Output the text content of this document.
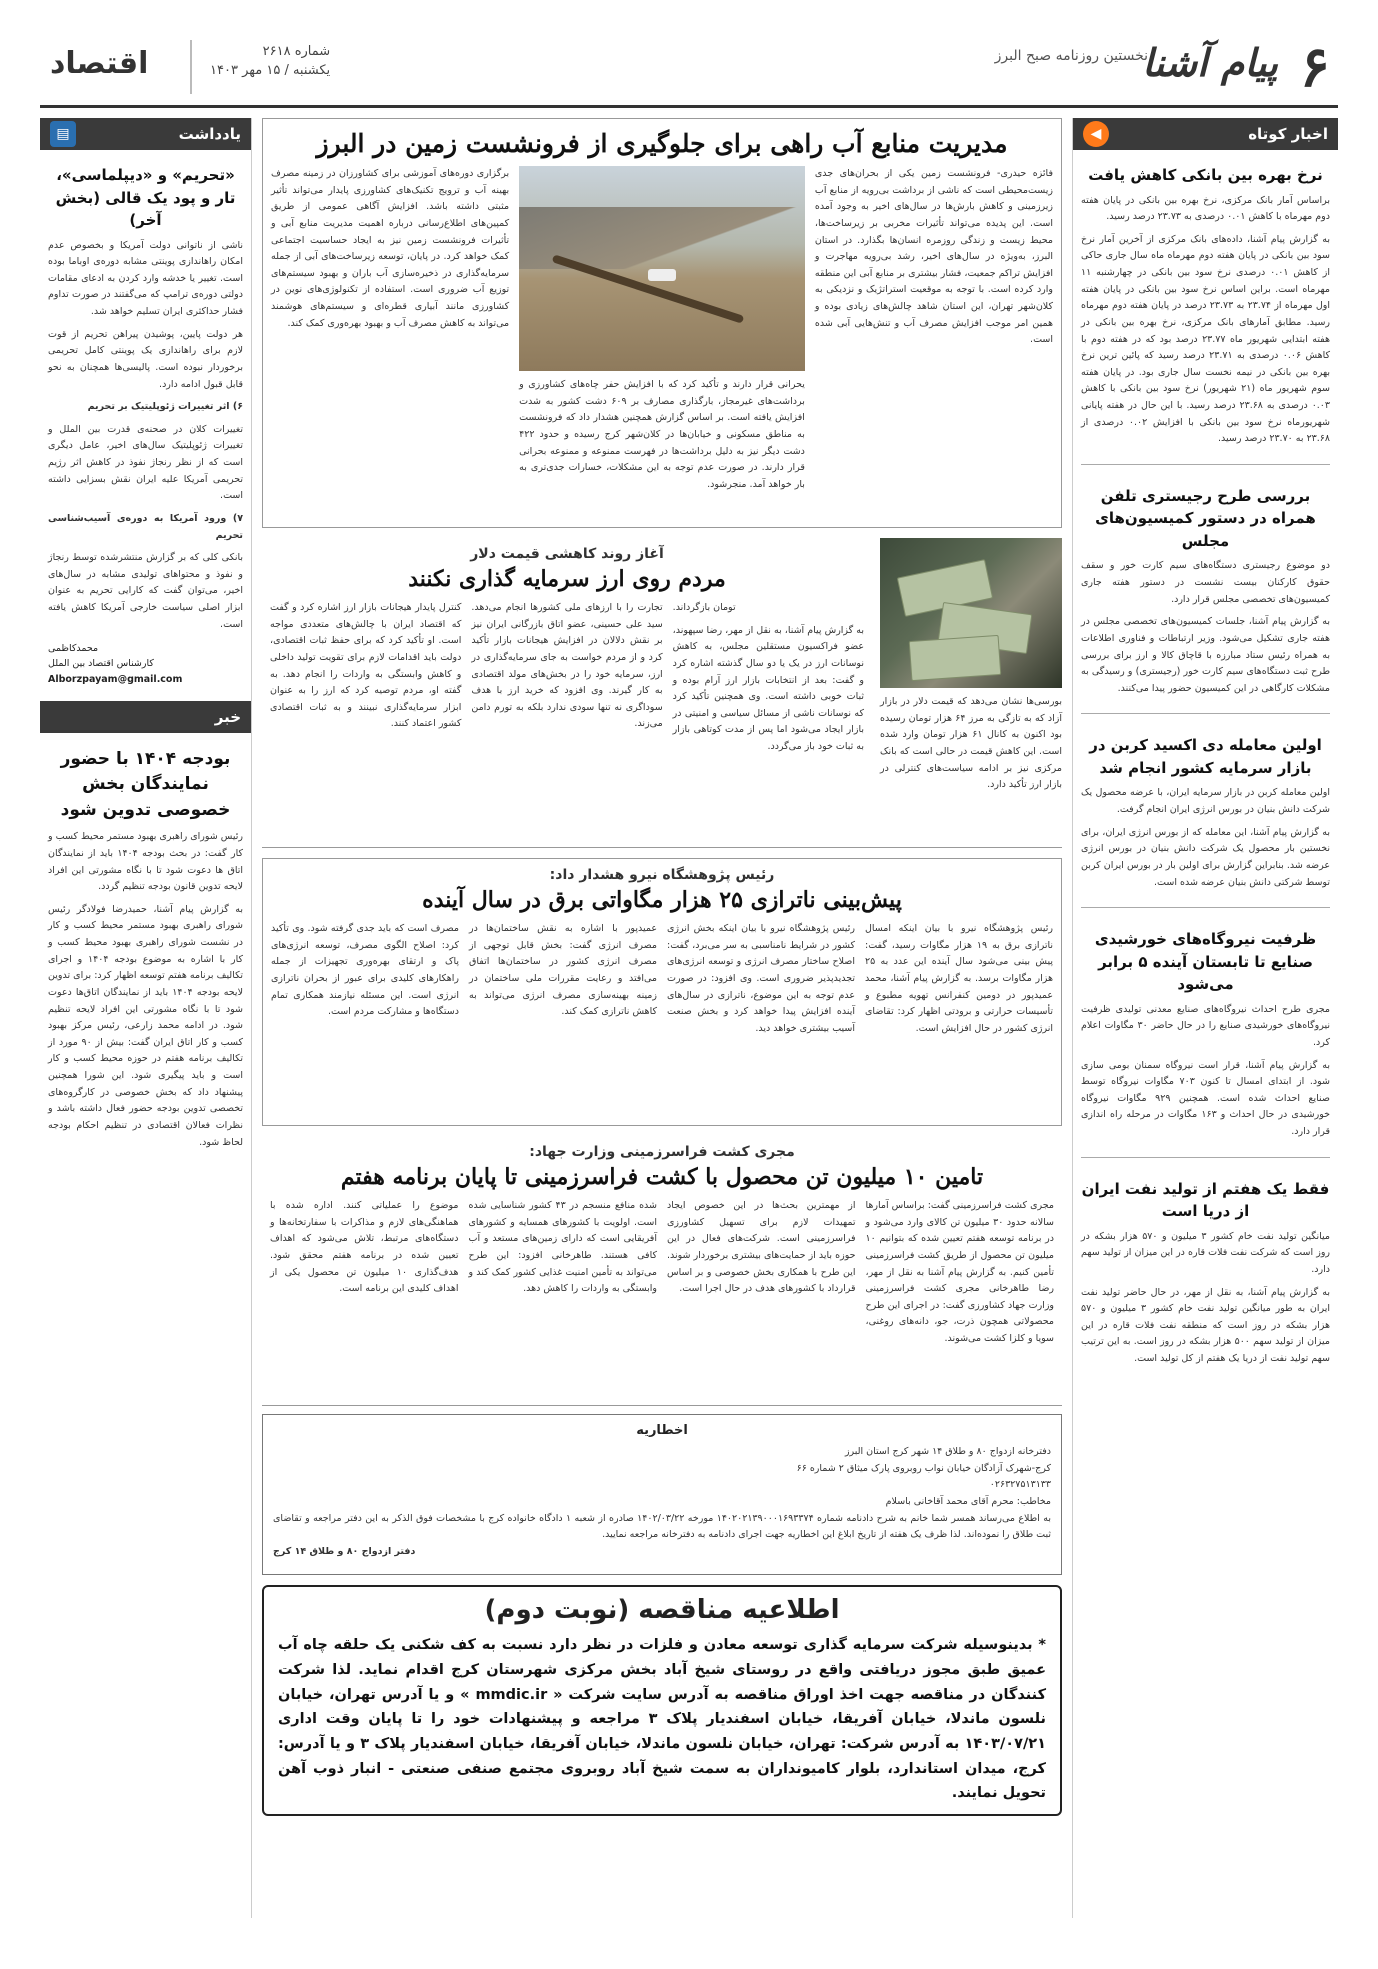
۶
پیام آشنا
نخستین روزنامه صبح البرز
شماره ۲۶۱۸
یکشنبه / ۱۵ مهر ۱۴۰۳
اقتصاد
اخبار کوتاه
◀
نرخ بهره بین بانکی کاهش یافت

براساس آمار بانک مرکزی، نرخ بهره بین بانکی در پایان هفته دوم مهرماه با کاهش ۰.۰۱ درصدی به ۲۳.۷۳ درصد رسید.

به گزارش پیام آشنا، داده‌های بانک مرکزی از آخرین آمار نرخ سود بین بانکی در پایان هفته دوم مهرماه ماه سال جاری حاکی از کاهش ۰.۰۱ درصدی نرخ سود بین بانکی در چهارشنبه ۱۱ مهرماه است. براین اساس نرخ سود بین بانکی در پایان هفته اول مهرماه از ۲۳.۷۴ به ۲۳.۷۳ درصد در پایان هفته دوم مهرماه رسید. مطابق آمارهای بانک مرکزی، نرخ بهره بین بانکی در هفته ابتدایی شهریور ماه ۲۳.۷۷ درصد بود که در هفته دوم با کاهش ۰.۰۶ درصدی به ۲۳.۷۱ درصد رسید که پائین ترین نرخ بهره بین بانکی در نیمه نخست سال جاری بود. در پایان هفته سوم شهریور ماه (۲۱ شهریور) نرخ سود بین بانکی با کاهش ۰.۰۳ درصدی به ۲۳.۶۸ درصد رسید. با این حال در هفته پایانی شهریورماه نرخ سود بین بانکی با افزایش ۰.۰۲ درصدی از ۲۳.۶۸ به ۲۳.۷۰ درصد رسید.

بررسی طرح رجیستری تلفن همراه در دستور کمیسیون‌های مجلس

دو موضوع رجیستری دستگاه‌های سیم کارت خور و سقف حقوق کارکنان بیست نشست در دستور هفته جاری کمیسیون‌های تخصصی مجلس قرار دارد.

به گزارش پیام آشنا، جلسات کمیسیون‌های تخصصی مجلس در هفته جاری تشکیل می‌شود. وزیر ارتباطات و فناوری اطلاعات به همراه رئیس ستاد مبارزه با قاچاق کالا و ارز برای بررسی طرح ثبت دستگاه‌های سیم کارت خور (رجیستری) و رسیدگی به مشکلات کارگاهی در این کمیسیون حضور پیدا می‌کنند.

اولین معامله دی اکسید کربن در بازار سرمایه کشور انجام شد

اولین معامله کربن در بازار سرمایه ایران، با عرضه محصول یک شرکت دانش بنیان در بورس انرژی ایران انجام گرفت.

به گزارش پیام آشنا، این معامله که از بورس انرژی ایران، برای نخستین بار محصول یک شرکت دانش بنیان در بورس انرژی عرضه شد. بنابراین گزارش برای اولین بار در بورس ایران کربن توسط شرکتی دانش بنیان عرضه شده است.

ظرفیت نیروگاه‌های خورشیدی صنایع تا تابستان آینده ۵ برابر می‌شود

مجری طرح احداث نیروگاه‌های صنایع معدنی تولیدی ظرفیت نیروگاه‌های خورشیدی صنایع را در حال حاضر ۳۰ مگاوات اعلام کرد.

به گزارش پیام آشنا، قرار است نیروگاه سمنان بومی سازی شود. از ابتدای امسال تا کنون ۷۰۳ مگاوات نیروگاه توسط صنایع احداث شده است. همچنین ۹۲۹ مگاوات نیروگاه خورشیدی در حال احداث و ۱۶۳ مگاوات در مرحله راه اندازی قرار دارد.

فقط یک هفتم از تولید نفت ایران از دریا است

میانگین تولید نفت خام کشور ۳ میلیون و ۵۷۰ هزار بشکه در روز است که شرکت نفت فلات قاره در این میزان از تولید سهم دارد.

به گزارش پیام آشنا، به نقل از مهر، در حال حاضر تولید نفت ایران به طور میانگین تولید نفت خام کشور ۳ میلیون و ۵۷۰ هزار بشکه در روز است که منطقه نفت فلات قاره در این میزان از تولید سهم ۵۰۰ هزار بشکه در روز است. به این ترتیب سهم تولید نفت از دریا یک هفتم از کل تولید است.

یادداشت
▤
«تحریم» و «دیپلماسی»، تار و پود یک قالی (بخش آخر)

ناشی از ناتوانی دولت آمریکا و بخصوص عدم امکان راهاندازی پوینتی مشابه دوره‌ی اوباما بوده است. تغییر یا خدشه وارد کردن به ادعای مقامات دولتی دوره‌ی ترامپ که می‌گفتند در صورت تداوم فشار حداکثری ایران تسلیم خواهد شد.

هر دولت پایین، پوشیدن پیراهن تحریم از قوت لازم برای راهاندازی یک پوینتی کامل تحریمی برخوردار نبوده است. پالیسی‌ها همچنان به نحو قابل قبول ادامه دارد.

۶) اثر تغییرات ژئوپلیتیک بر تحریم

تغییرات کلان در صحنه‌ی قدرت بین الملل و تغییرات ژئوپلیتیک سال‌های اخیر، عامل دیگری است که از نظر رنجاژ نفوذ در کاهش اثر رژیم تحریمی آمریکا علیه ایران نقش بسزایی داشته است.

۷) ورود آمریکا به دوره‌ی آسیب‌شناسی تحریم

بانکی کلی که بر گزارش منتشرشده توسط رنجاژ و نفوذ و محتواهای تولیدی مشابه در سال‌های اخیر، می‌توان گفت که کارایی تحریم به عنوان ابزار اصلی سیاست خارجی آمریکا کاهش یافته است.

محمدکاظمی
کارشناس اقتصاد بین الملل
Alborzpayam@gmail.com
خبر
بودجه ۱۴۰۴ با حضور نمایندگان بخش خصوصی تدوین شود

رئیس شورای راهبری بهبود مستمر محیط کسب و کار گفت: در بحث بودجه ۱۴۰۴ باید از نمایندگان اتاق ها دعوت شود تا با نگاه مشورتی این افراد لایحه تدوین قانون بودجه تنظیم گردد.

به گزارش پیام آشنا، حمیدرضا فولادگر رئیس شورای راهبری بهبود مستمر محیط کسب و کار در نشست شورای راهبری بهبود محیط کسب و کار با اشاره به موضوع بودجه ۱۴۰۴ و اجرای تکالیف برنامه هفتم توسعه اظهار کرد: برای تدوین لایحه بودجه ۱۴۰۴ باید از نمایندگان اتاق‌ها دعوت شود تا با نگاه مشورتی این افراد لایحه تنظیم شود. در ادامه محمد زارعی، رئیس مرکز بهبود کسب و کار اتاق ایران گفت: بیش از ۹۰ مورد از تکالیف برنامه هفتم در حوزه محیط کسب و کار است و باید پیگیری شود. این شورا همچنین پیشنهاد داد که بخش خصوصی در کارگروه‌های تخصصی تدوین بودجه حضور فعال داشته باشد و نظرات فعالان اقتصادی در تنظیم احکام بودجه لحاظ شود.

مدیریت منابع آب راهی برای جلوگیری از فرونشست زمین در البرز
فائزه حیدری- فرونشست زمین یکی از بحران‌های جدی زیست‌محیطی است که ناشی از برداشت بی‌رویه از منابع آب زیرزمینی و کاهش بارش‌ها در سال‌های اخیر به وجود آمده است. این پدیده می‌تواند تأثیرات مخربی بر زیرساخت‌ها، محیط زیست و زندگی روزمره انسان‌ها بگذارد. در استان البرز، به‌ویژه در سال‌های اخیر، رشد بی‌رویه مهاجرت و افزایش تراکم جمعیت، فشار بیشتری بر منابع آبی این منطقه وارد کرده است. با توجه به موقعیت استراتژیک و نزدیکی به کلان‌شهر تهران، این استان شاهد چالش‌های زیادی بوده و همین امر موجب افزایش مصرف آب و تنش‌هایی آبی شده است.
یحرانی قرار دارند و تأکید کرد که با افزایش حفر چاه‌های کشاورزی و برداشت‌های غیرمجاز، بارگذاری مصارف بر ۶۰۹ دشت کشور به شدت افزایش یافته است. بر اساس گزارش همچنین هشدار داد که فرونشست به مناطق مسکونی و خیابان‌ها در کلان‌شهر کرج رسیده و حدود ۴۲۲ دشت دیگر نیز به دلیل برداشت‌ها در فهرست ممنوعه و ممنوعه بحرانی قرار دارند. در صورت عدم توجه به این مشکلات، خسارات جدی‌تری به بار خواهد آمد. منجرشود.
برگزاری دوره‌های آموزشی برای کشاورزان در زمینه مصرف بهینه آب و ترویج تکنیک‌های کشاورزی پایدار می‌تواند تأثیر مثبتی داشته باشد. افزایش آگاهی عمومی از طریق کمپین‌های اطلاع‌رسانی درباره اهمیت مدیریت منابع آبی و تأثیرات فرونشست زمین نیز به ایجاد حساسیت اجتماعی کمک خواهد کرد. در پایان، توسعه زیرساخت‌های آبی از جمله سرمایه‌گذاری در ذخیره‌سازی آب باران و بهبود سیستم‌های توزیع آب ضروری است. استفاده از تکنولوژی‌های نوین در کشاورزی مانند آبیاری قطره‌ای و سیستم‌های هوشمند می‌تواند به کاهش مصرف آب و بهبود بهره‌وری کمک کند.
بورسی‌ها نشان می‌دهد که قیمت دلار در بازار آزاد که به تازگی به مرز ۶۴ هزار تومان رسیده بود اکنون به کانال ۶۱ هزار تومان وارد شده است. این کاهش قیمت در حالی است که بانک مرکزی نیز بر ادامه سیاست‌های کنترلی در بازار ارز تأکید دارد.
آغاز روند کاهشی قیمت دلار
مردم روی ارز سرمایه گذاری نکنند

تومان بازگرداند.

به گزارش پیام آشنا، به نقل از مهر، رضا سپهوند، عضو فراکسیون مستقلین مجلس، به کاهش نوسانات ارز در یک یا دو سال گذشته اشاره کرد و گفت: بعد از انتخابات بازار ارز آرام بوده و ثبات خوبی داشته است. وی همچنین تأکید کرد که نوسانات ناشی از مسائل سیاسی و امنیتی در بازار ایجاد می‌شود اما پس از مدت کوتاهی بازار به ثبات خود باز می‌گردد.

تجارت را با ارزهای ملی کشورها انجام می‌دهد. سید علی حسینی، عضو اتاق بازرگانی ایران نیز بر نقش دلالان در افزایش هیجانات بازار تأکید کرد و از مردم خواست به جای سرمایه‌گذاری در ارز، سرمایه خود را در بخش‌های مولد اقتصادی به کار گیرند. وی افزود که خرید ارز با هدف سوداگری نه تنها سودی ندارد بلکه به تورم دامن می‌زند.
کنترل پایدار هیجانات بازار ارز اشاره کرد و گفت که اقتصاد ایران با چالش‌های متعددی مواجه است. او تأکید کرد که برای حفظ ثبات اقتصادی، دولت باید اقدامات لازم برای تقویت تولید داخلی و کاهش وابستگی به واردات را انجام دهد. به گفته او، مردم توصیه کرد که ارز را به عنوان ابزار سرمایه‌گذاری نبینند و به ثبات اقتصادی کشور اعتماد کنند.
رئیس پژوهشگاه نیرو هشدار داد:
پیش‌بینی ناترازی ۲۵ هزار مگاواتی برق در سال آینده
رئیس پژوهشگاه نیرو با بیان اینکه امسال ناترازی برق به ۱۹ هزار مگاوات رسید، گفت: پیش بینی می‌شود سال آینده این عدد به ۲۵ هزار مگاوات برسد. به گزارش پیام آشنا، محمد عمیدپور در دومین کنفرانس تهویه مطبوع و تأسیسات حرارتی و برودتی اظهار کرد: تقاضای انرژی کشور در حال افزایش است.
رئیس پژوهشگاه نیرو با بیان اینکه بخش انرژی کشور در شرایط نامناسبی به سر می‌برد، گفت: اصلاح ساختار مصرف انرژی و توسعه انرژی‌های تجدیدپذیر ضروری است. وی افزود: در صورت عدم توجه به این موضوع، ناترازی در سال‌های آینده افزایش پیدا خواهد کرد و بخش صنعت آسیب بیشتری خواهد دید.
عمیدپور با اشاره به نقش ساختمان‌ها در مصرف انرژی گفت: بخش قابل توجهی از مصرف انرژی کشور در ساختمان‌ها اتفاق می‌افتد و رعایت مقررات ملی ساختمان در زمینه بهینه‌سازی مصرف انرژی می‌تواند به کاهش ناترازی کمک کند.
مصرف است که باید جدی گرفته شود. وی تأکید کرد: اصلاح الگوی مصرف، توسعه انرژی‌های پاک و ارتقای بهره‌وری تجهیزات از جمله راهکارهای کلیدی برای عبور از بحران ناترازی انرژی است. این مسئله نیازمند همکاری تمام دستگاه‌ها و مشارکت مردم است.
مجری کشت فراسرزمینی وزارت جهاد:
تامین ۱۰ میلیون تن محصول با کشت فراسرزمینی تا پایان برنامه هفتم
مجری کشت فراسرزمینی گفت: براساس آمارها سالانه حدود ۳۰ میلیون تن کالای وارد می‌شود و در برنامه توسعه هفتم تعیین شده که بتوانیم ۱۰ میلیون تن محصول از طریق کشت فراسرزمینی تأمین کنیم. به گزارش پیام آشنا به نقل از مهر، رضا طاهرخانی مجری کشت فراسرزمینی وزارت جهاد کشاورزی گفت: در اجرای این طرح محصولاتی همچون ذرت، جو، دانه‌های روغنی، سویا و کلزا کشت می‌شوند.
از مهمترین بحث‌ها در این خصوص ایجاد تمهیدات لازم برای تسهیل کشاورزی فراسرزمینی است. شرکت‌های فعال در این حوزه باید از حمایت‌های بیشتری برخوردار شوند. این طرح با همکاری بخش خصوصی و بر اساس قرارداد با کشورهای هدف در حال اجرا است.
شده منافع منسجم در ۴۳ کشور شناسایی شده است. اولویت با کشورهای همسایه و کشورهای آفریقایی است که دارای زمین‌های مستعد و آب کافی هستند. طاهرخانی افزود: این طرح می‌تواند به تأمین امنیت غذایی کشور کمک کند و وابستگی به واردات را کاهش دهد.
موضوع را عملیاتی کنند. اداره شده با هماهنگی‌های لازم و مذاکرات با سفارتخانه‌ها و دستگاه‌های مرتبط، تلاش می‌شود که اهداف تعیین شده در برنامه هفتم محقق شود. هدف‌گذاری ۱۰ میلیون تن محصول یکی از اهداف کلیدی این برنامه است.
اخطاریه

دفترخانه ازدواج ۸۰ و طلاق ۱۴ شهر کرج استان البرز

کرج-شهرک آزادگان خیابان نواب روبروی پارک میثاق ۲ شماره ۶۶

۰۲۶۳۲۷۵۱۳۱۳۳

مخاطب: محرم آقای محمد آقاخانی باسلام

به اطلاع می‌رساند همسر شما خانم به شرح دادنامه شماره ۱۴۰۲۰۲۱۳۹۰۰۰۱۶۹۳۳۷۴ مورخه ۱۴۰۲/۰۳/۲۲ صادره از شعبه ۱ دادگاه خانواده کرج با مشخصات فوق الذکر به این دفتر مراجعه و تقاضای ثبت طلاق را نموده‌اند. لذا ظرف یک هفته از تاریخ ابلاغ این اخطاریه جهت اجرای دادنامه به دفترخانه مراجعه نمایید.

دفتر ازدواج ۸۰ و طلاق ۱۴ کرج

اطلاعیه مناقصه (نوبت دوم)
* بدینوسیله شرکت سرمایه گذاری توسعه معادن و فلزات در نظر دارد نسبت به کف شکنی یک حلقه چاه آب عمیق طبق مجوز دریافتی واقع در روستای شیخ آباد بخش مرکزی شهرستان کرج اقدام نماید. لذا شرکت کنندگان در مناقصه جهت اخذ اوراق مناقصه به آدرس سایت شرکت « mmdic.ir » و یا آدرس تهران، خیابان نلسون ماندلا، خیابان آفریقا، خیابان اسفندیار پلاک ۳ مراجعه و پیشنهادات خود را تا پایان وقت اداری ۱۴۰۳/۰۷/۲۱ به آدرس شرکت: تهران، خیابان نلسون ماندلا، خیابان آفریقا، خیابان اسفندیار پلاک ۳ و یا آدرس: کرج، میدان استاندارد، بلوار کامیونداران به سمت شیخ آباد روبروی مجتمع صنفی صنعتی - انبار ذوب آهن تحویل نمایند.
